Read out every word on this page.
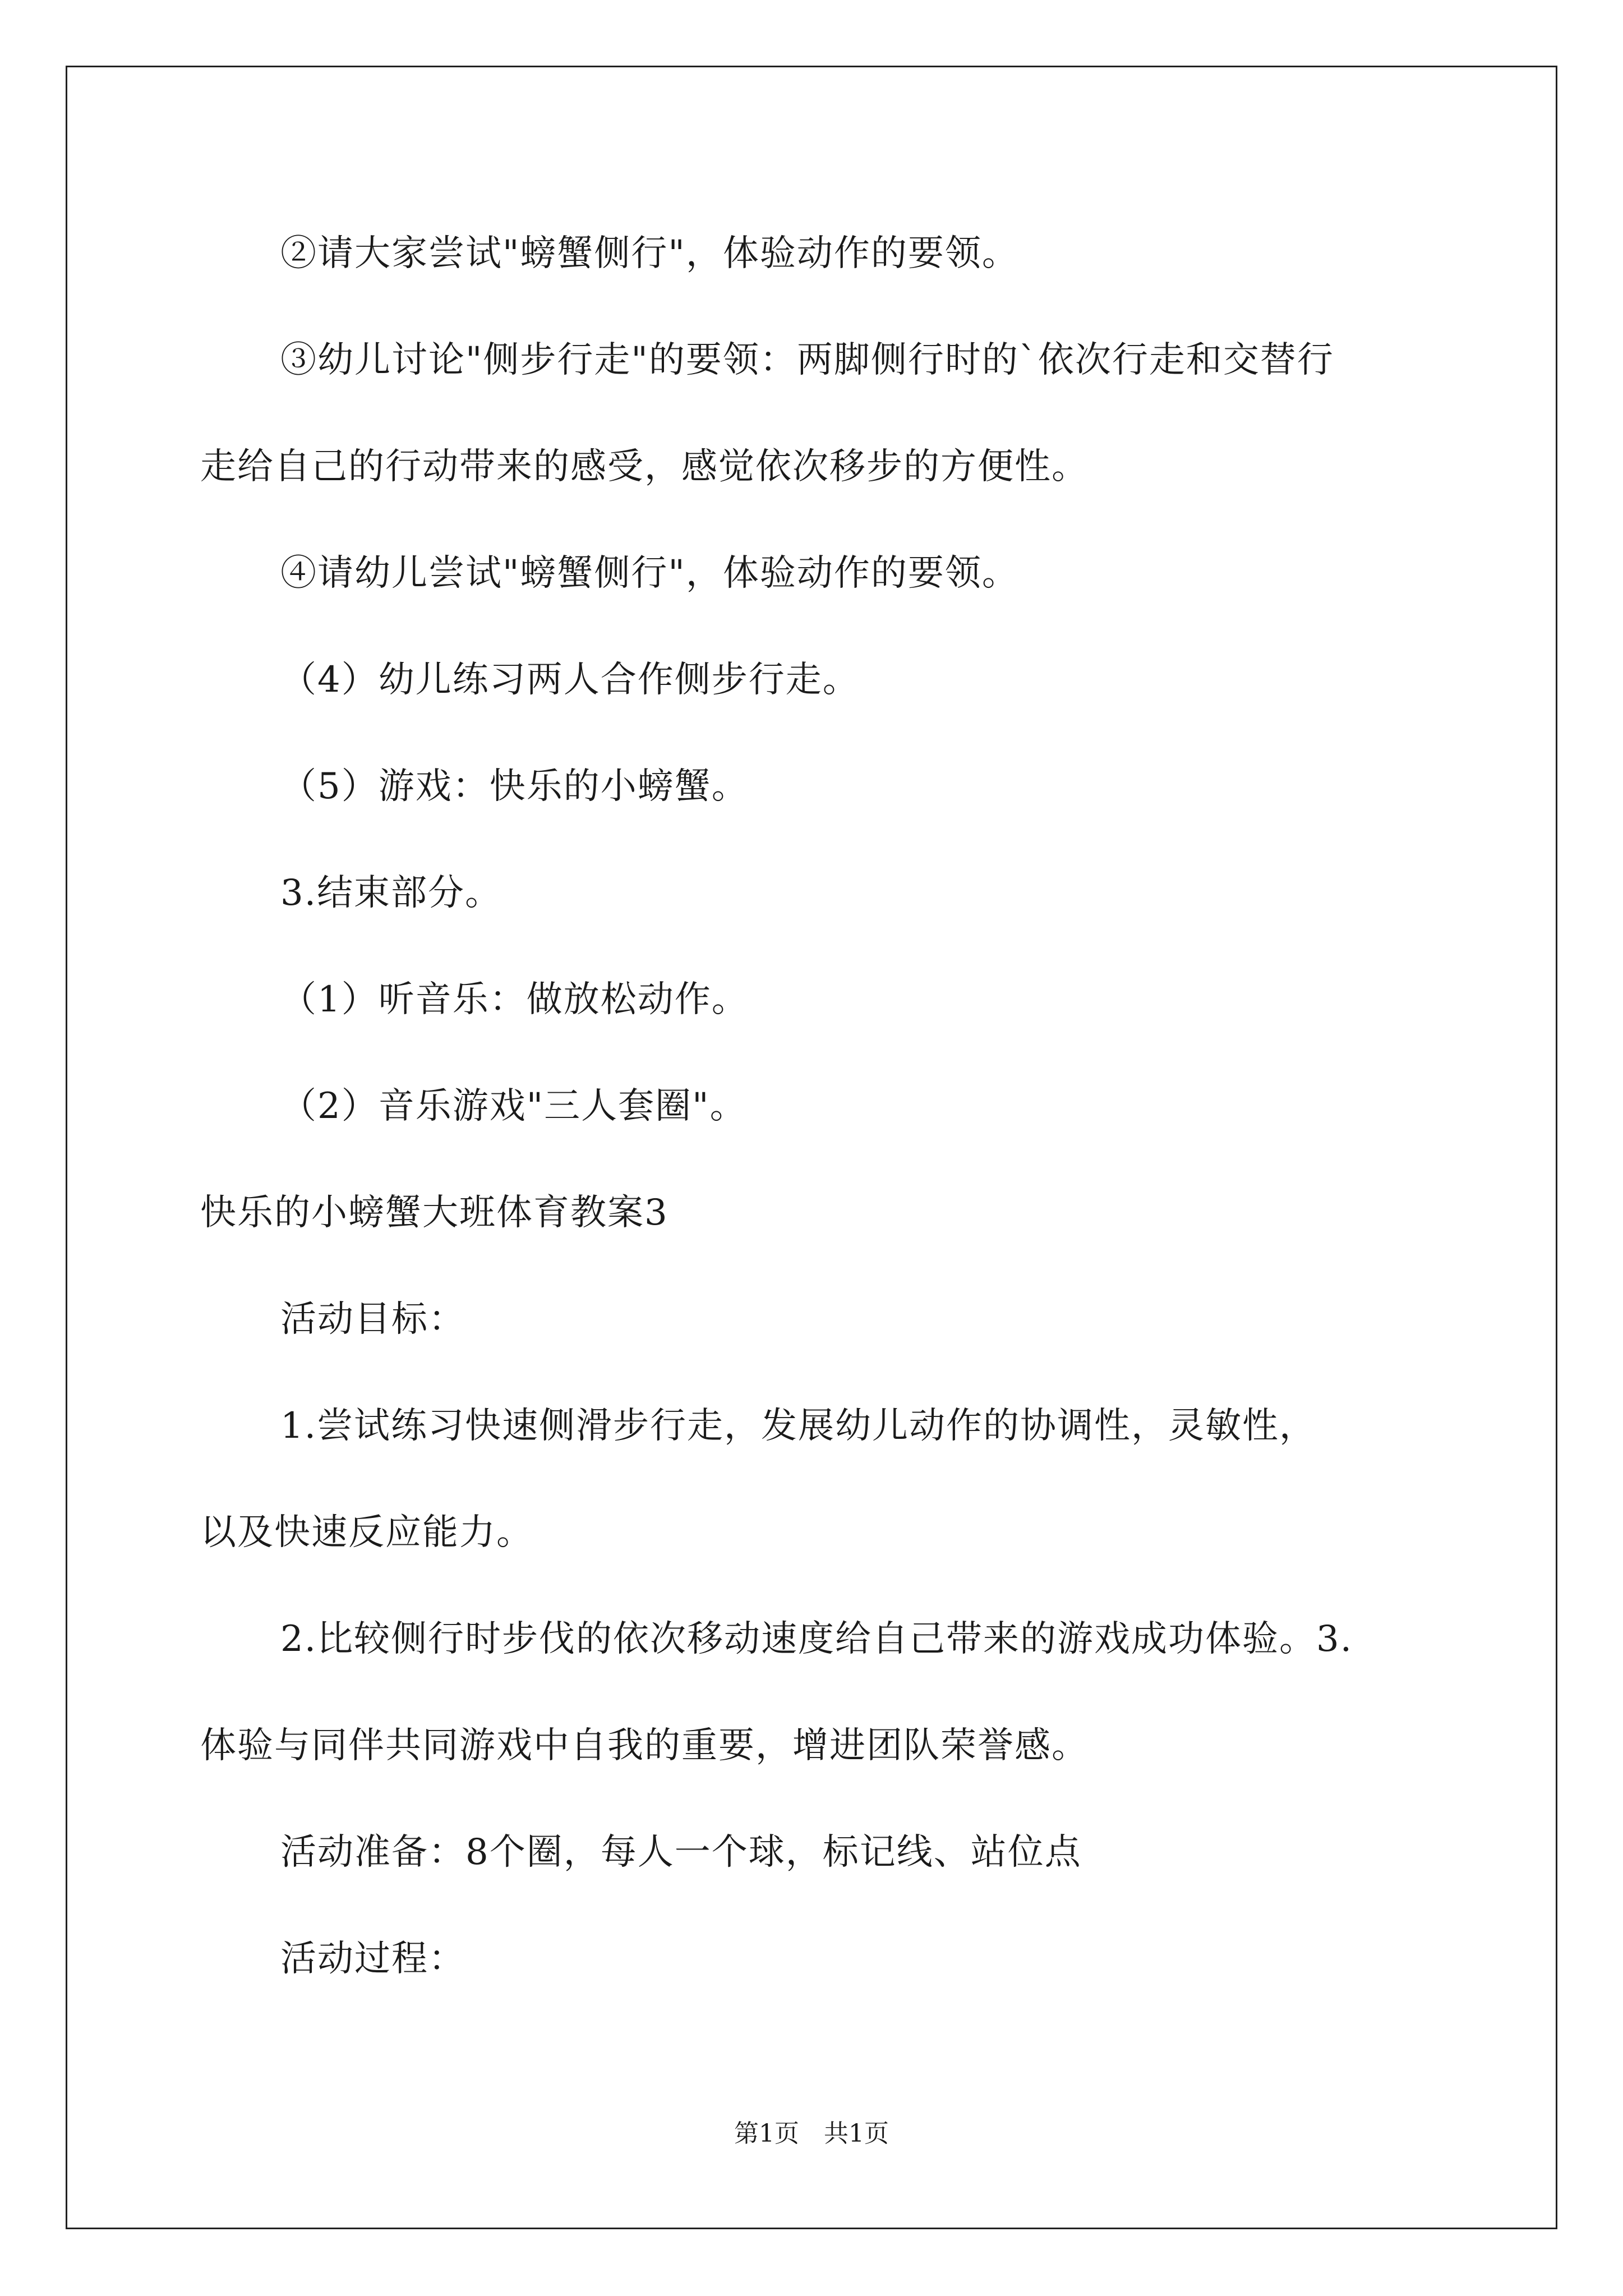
②请大家尝试"螃蟹侧行"，体验动作的要领。
③幼儿讨论"侧步行走"的要领：两脚侧行时的`依次行走和交替行
走给自己的行动带来的感受，感觉依次移步的方便性。
④请幼儿尝试"螃蟹侧行"，体验动作的要领。
（4）幼儿练习两人合作侧步行走。
（5）游戏：快乐的小螃蟹。
3.结束部分。
（1）听音乐：做放松动作。
（2）音乐游戏"三人套圈"。
快乐的小螃蟹大班体育教案3
活动目标：
1.尝试练习快速侧滑步行走，发展幼儿动作的协调性，灵敏性，
以及快速反应能力。
2.比较侧行时步伐的依次移动速度给自己带来的游戏成功体验。3.
体验与同伴共同游戏中自我的重要，增进团队荣誉感。
活动准备：8个圈，每人一个球，标记线、站位点
活动过程：
第1页　共1页
